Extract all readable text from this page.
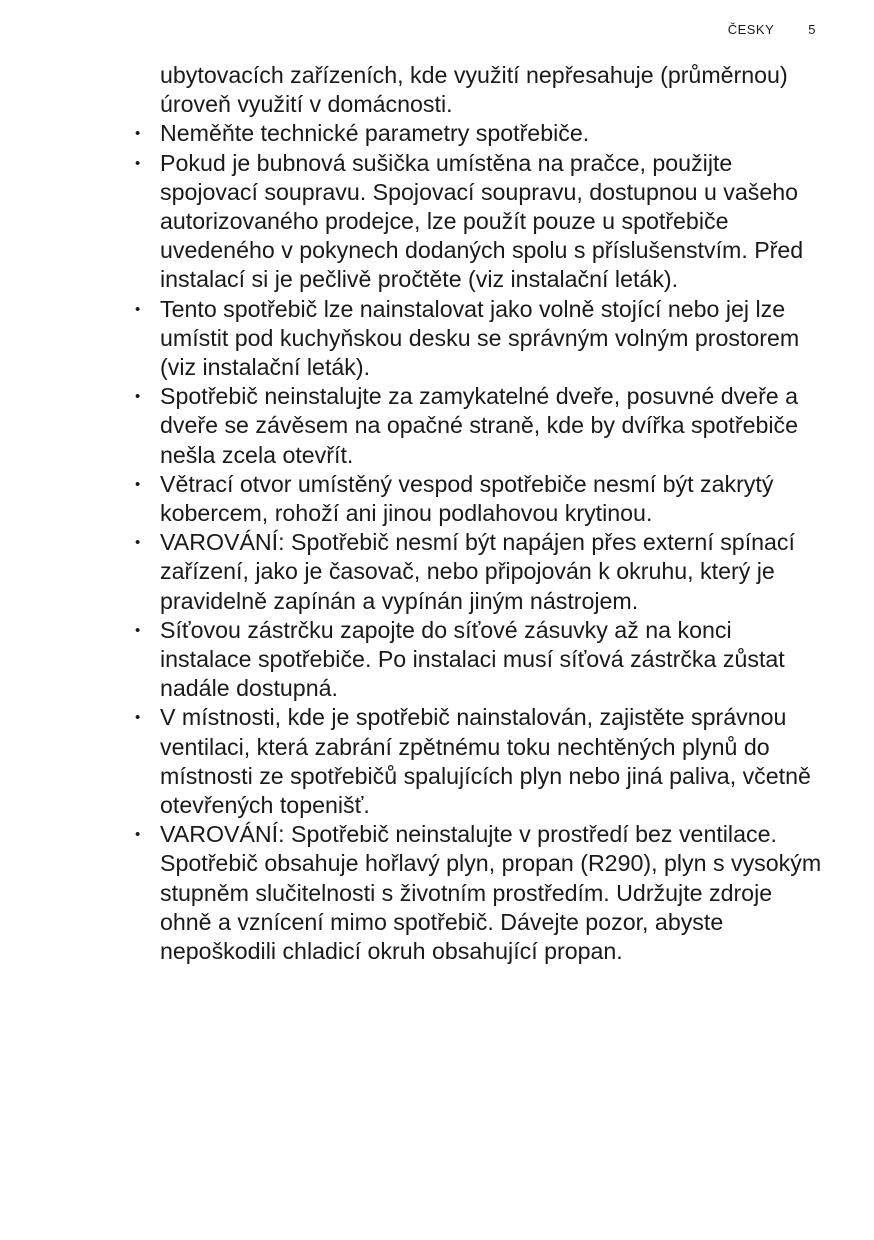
ČESKY	5

ubytovacích zařízeních, kde využití nepřesahuje (průměrnou) úroveň využití v domácnosti.

• Neměňte technické parametry spotřebiče.
• Pokud je bubnová sušička umístěna na pračce, použijte spojovací soupravu. Spojovací soupravu, dostupnou u vašeho autorizovaného prodejce, lze použít pouze u spotřebiče uvedeného v pokynech dodaných spolu s příslušenstvím. Před instalací si je pečlivě pročtěte (viz instalační leták).
• Tento spotřebič lze nainstalovat jako volně stojící nebo jej lze umístit pod kuchyňskou desku se správným volným prostorem (viz instalační leták).
• Spotřebič neinstalujte za zamykatelné dveře, posuvné dveře a dveře se závěsem na opačné straně, kde by dvířka spotřebiče nešla zcela otevřít.
• Větrací otvor umístěný vespod spotřebiče nesmí být zakrytý kobercem, rohoží ani jinou podlahovou krytinou.
• VAROVÁNÍ: Spotřebič nesmí být napájen přes externí spínací zařízení, jako je časovač, nebo připojován k okruhu, který je pravidelně zapínán a vypínán jiným nástrojem.
• Síťovou zástrčku zapojte do síťové zásuvky až na konci instalace spotřebiče. Po instalaci musí síťová zástrčka zůstat nadále dostupná.
• V místnosti, kde je spotřebič nainstalován, zajistěte správnou ventilaci, která zabrání zpětnému toku nechtěných plynů do místnosti ze spotřebičů spalujících plyn nebo jiná paliva, včetně otevřených topenišť.
• VAROVÁNÍ: Spotřebič neinstalujte v prostředí bez ventilace.

Spotřebič obsahuje hořlavý plyn, propan (R290), plyn s vysokým stupněm slučitelnosti s životním prostředím. Udržujte zdroje ohně a vznícení mimo spotřebič. Dávejte pozor, abyste nepoškodili chladicí okruh obsahující propan.
